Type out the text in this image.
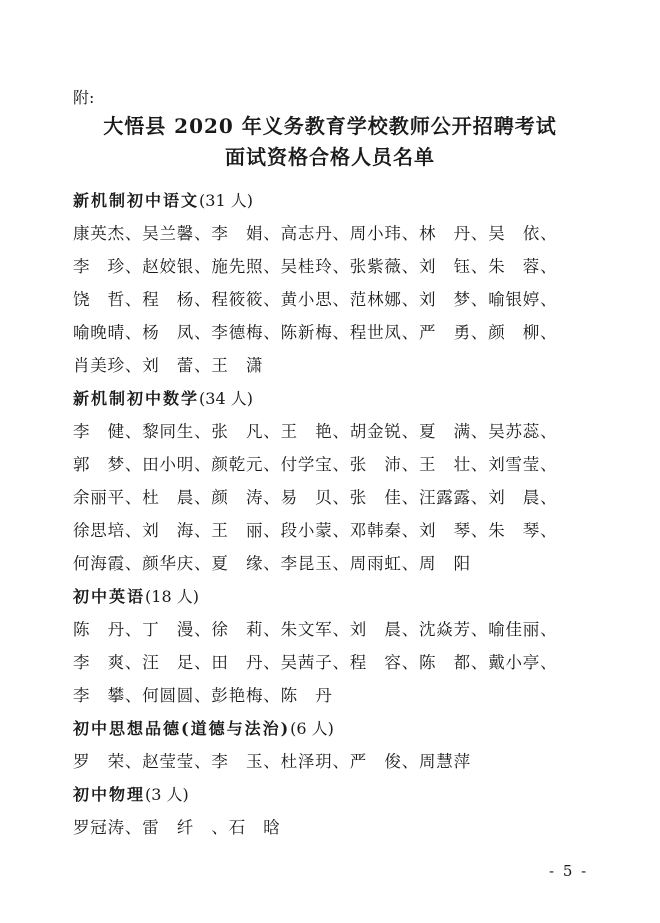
附:
大悟县 2020 年义务教育学校教师公开招聘考试
面试资格合格人员名单
新机制初中语文(31 人)
康英杰、吴兰馨、李　娟、高志丹、周小玮、林　丹、吴　依、
李　珍、赵姣银、施先照、吴桂玲、张紫薇、刘　钰、朱　蓉、
饶　哲、程　杨、程筱筱、黄小思、范林娜、刘　梦、喻银婷、
喻晚晴、杨　凤、李德梅、陈新梅、程世凤、严　勇、颜　柳、
肖美珍、刘　蕾、王　潇
新机制初中数学(34 人)
李　健、黎同生、张　凡、王　艳、胡金锐、夏　满、吴苏蕊、
郭　梦、田小明、颜乾元、付学宝、张　沛、王　壮、刘雪莹、
余丽平、杜　晨、颜　涛、易　贝、张　佳、汪露露、刘　晨、
徐思培、刘　海、王　丽、段小蒙、邓韩秦、刘　琴、朱　琴、
何海霞、颜华庆、夏　缘、李昆玉、周雨虹、周　阳
初中英语(18 人)
陈　丹、丁　漫、徐　莉、朱文军、刘　晨、沈焱芳、喻佳丽、
李　爽、汪　足、田　丹、吴茜子、程　容、陈　都、戴小亭、
李　攀、何圆圆、彭艳梅、陈　丹
初中思想品德(道德与法治)(6 人)
罗　荣、赵莹莹、李　玉、杜泽玥、严　俊、周慧萍
初中物理(3 人)
罗冠涛、雷　纤　、石　晗
- 5 -
